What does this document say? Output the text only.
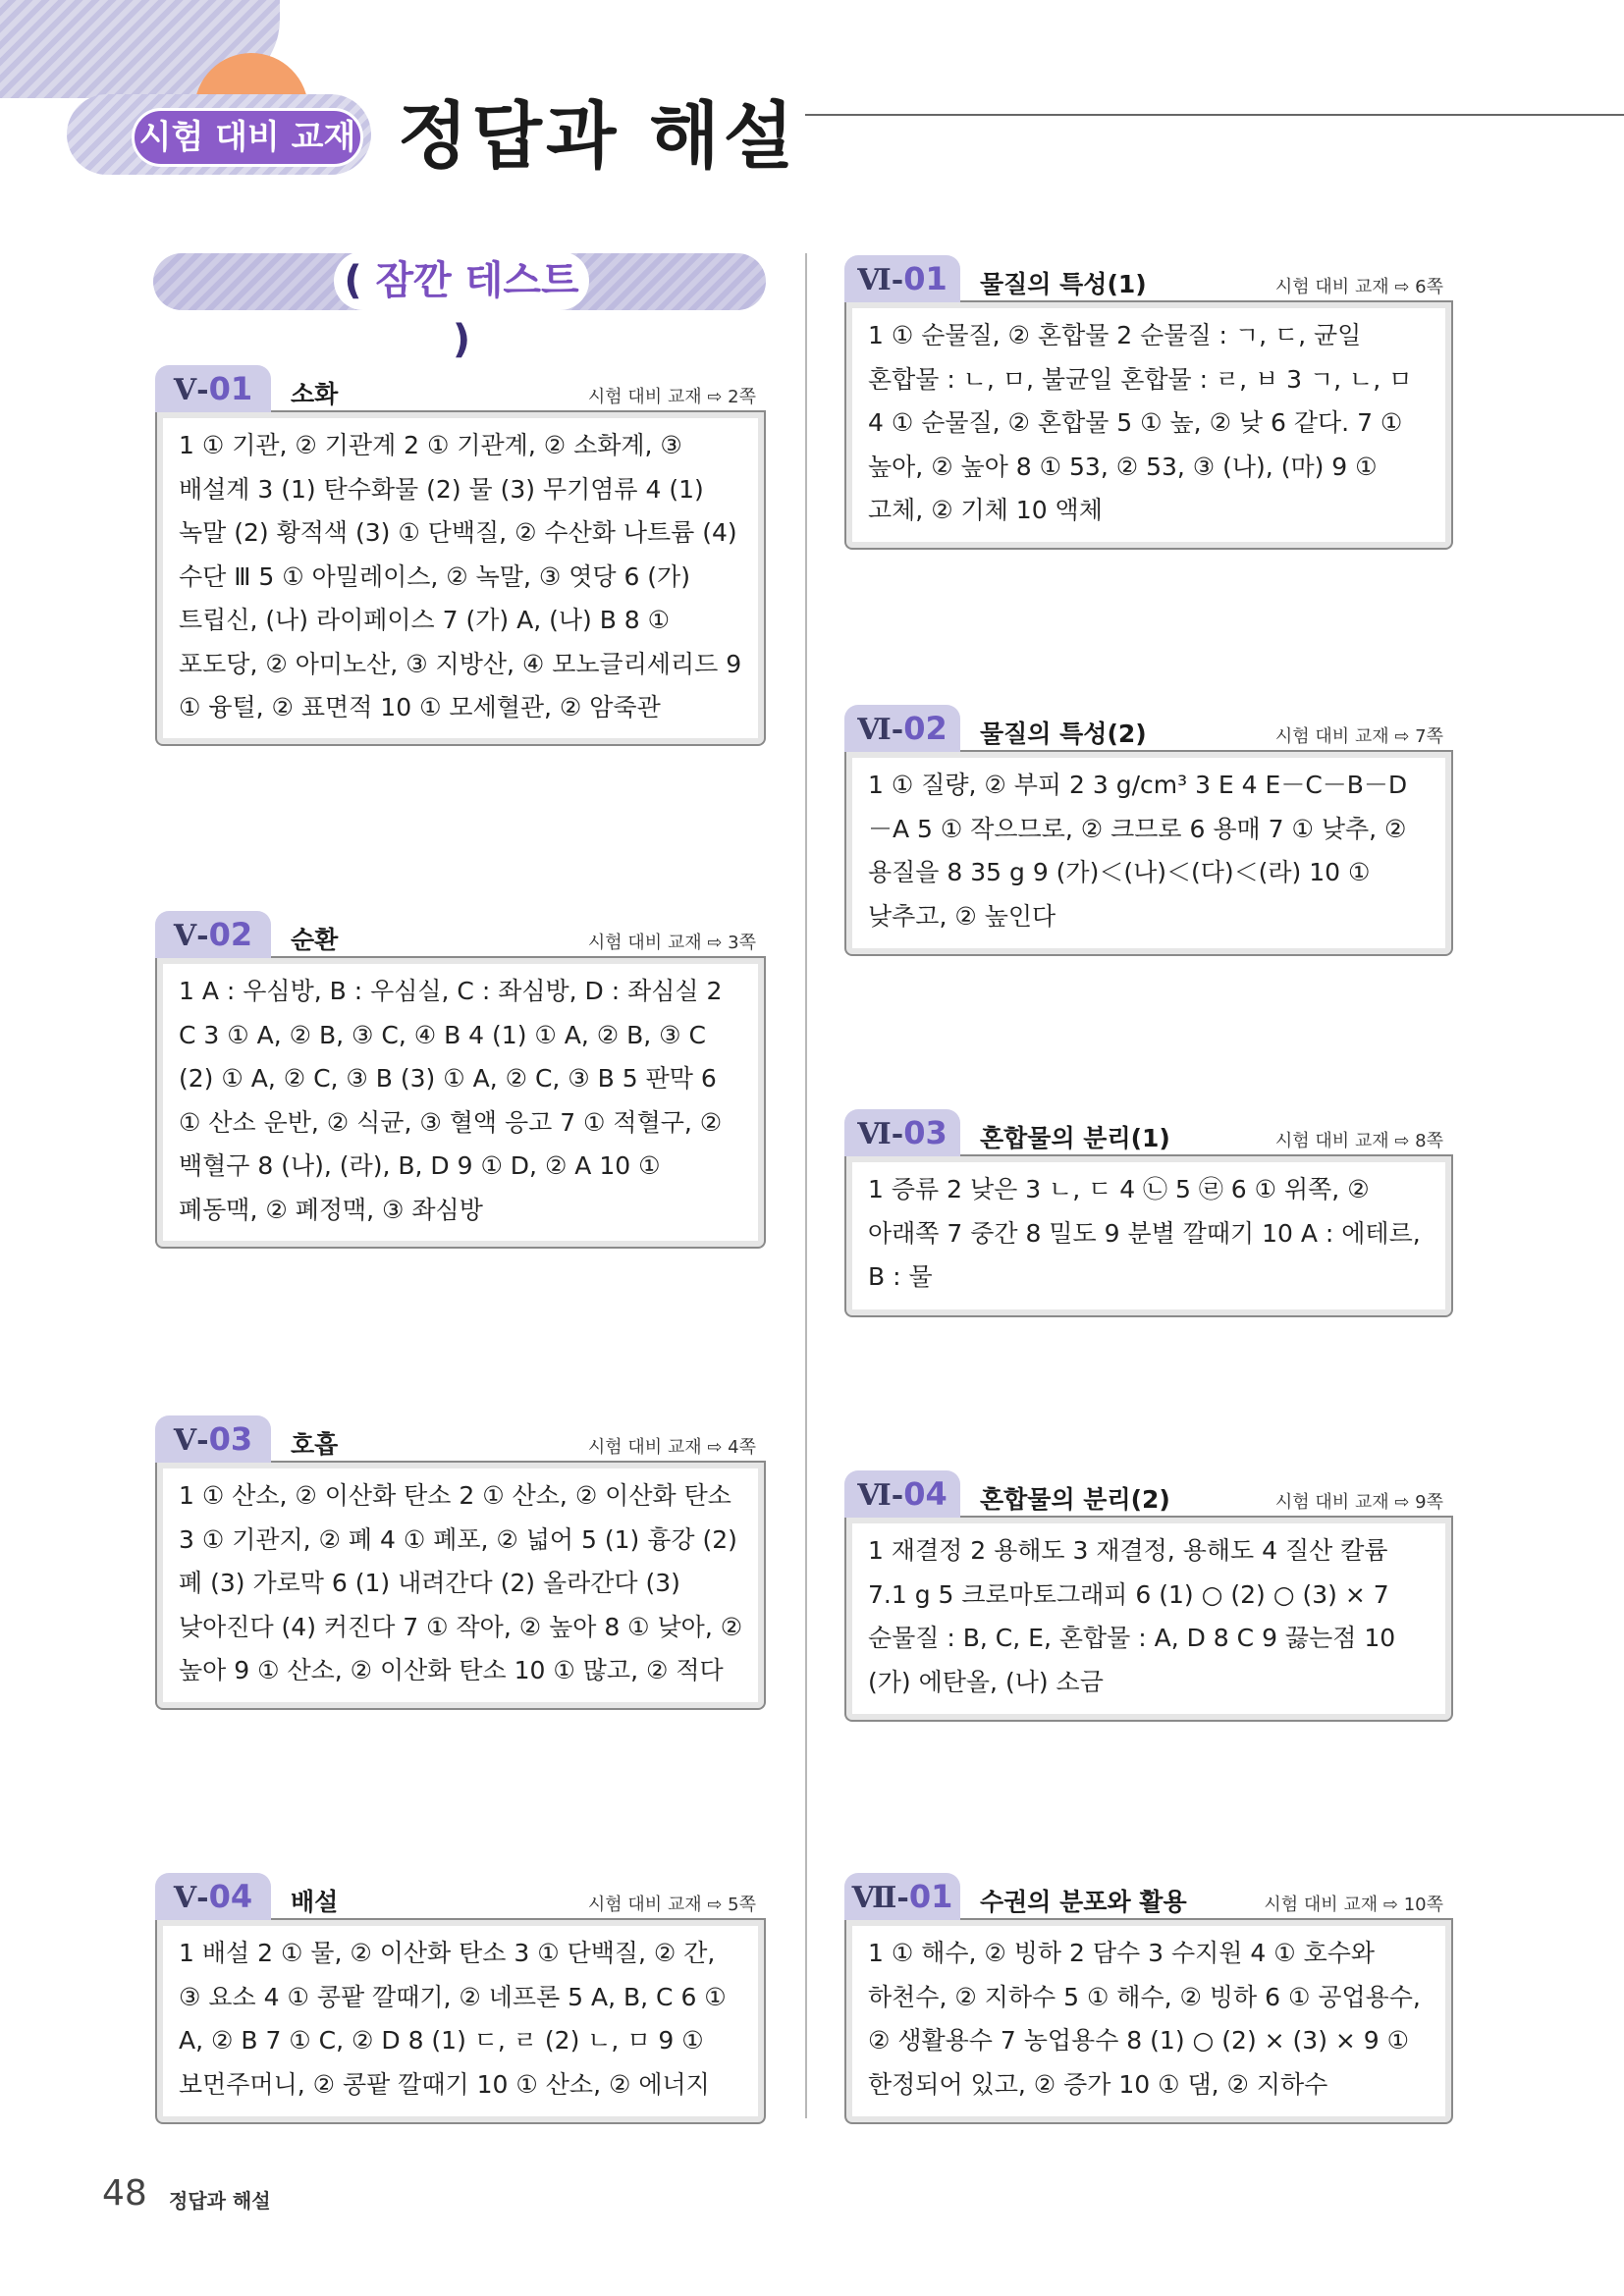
시험 대비 교재 정답과 해설
( 잠깐 테스트 )
Ⅴ-01	소화	시험 대비 교재 ⇨ 2쪽
1 ① 기관, ② 기관계 2 ① 기관계, ② 소화계, ③ 배설계 3 (1) 탄수화물 (2) 물 (3) 무기염류 4 (1) 녹말 (2) 황적색 (3) ① 단백질, ② 수산화 나트륨 (4) 수단 Ⅲ 5 ① 아밀레이스, ② 녹말, ③ 엿당 6 (가) 트립신, (나) 라이페이스 7 (가) A, (나) B 8 ① 포도당, ② 아미노산, ③ 지방산, ④ 모노글리세리드 9 ① 융털, ② 표면적 10 ① 모세혈관, ② 암죽관
Ⅴ-02	순환	시험 대비 교재 ⇨ 3쪽
1 A : 우심방, B : 우심실, C : 좌심방, D : 좌심실 2 C 3 ① A, ② B, ③ C, ④ B 4 (1) ① A, ② B, ③ C (2) ① A, ② C, ③ B (3) ① A, ② C, ③ B 5 판막 6 ① 산소 운반, ② 식균, ③ 혈액 응고 7 ① 적혈구, ② 백혈구 8 (나), (라), B, D 9 ① D, ② A 10 ① 폐동맥, ② 폐정맥, ③ 좌심방
Ⅴ-03	호흡	시험 대비 교재 ⇨ 4쪽
1 ① 산소, ② 이산화 탄소 2 ① 산소, ② 이산화 탄소 3 ① 기관지, ② 폐 4 ① 폐포, ② 넓어 5 (1) 흉강 (2) 폐 (3) 가로막 6 (1) 내려간다 (2) 올라간다 (3) 낮아진다 (4) 커진다 7 ① 작아, ② 높아 8 ① 낮아, ② 높아 9 ① 산소, ② 이산화 탄소 10 ① 많고, ② 적다
Ⅴ-04	배설	시험 대비 교재 ⇨ 5쪽
1 배설 2 ① 물, ② 이산화 탄소 3 ① 단백질, ② 간, ③ 요소 4 ① 콩팥 깔때기, ② 네프론 5 A, B, C 6 ① A, ② B 7 ① C, ② D 8 (1) ㄷ, ㄹ (2) ㄴ, ㅁ 9 ① 보먼주머니, ② 콩팥 깔때기 10 ① 산소, ② 에너지
Ⅵ-01	물질의 특성(1)	시험 대비 교재 ⇨ 6쪽
1 ① 순물질, ② 혼합물 2 순물질 : ㄱ, ㄷ, 균일 혼합물 : ㄴ, ㅁ, 불균일 혼합물 : ㄹ, ㅂ 3 ㄱ, ㄴ, ㅁ 4 ① 순물질, ② 혼합물 5 ① 높, ② 낮 6 같다. 7 ① 높아, ② 높아 8 ① 53, ② 53, ③ (나), (마) 9 ① 고체, ② 기체 10 액체
Ⅵ-02	물질의 특성(2)	시험 대비 교재 ⇨ 7쪽
1 ① 질량, ② 부피 2 3 g/cm³ 3 E 4 E－C－B－D－A 5 ① 작으므로, ② 크므로 6 용매 7 ① 낮추, ② 용질을 8 35 g 9 (가)＜(나)＜(다)＜(라) 10 ① 낮추고, ② 높인다
Ⅵ-03	혼합물의 분리(1)	시험 대비 교재 ⇨ 8쪽
1 증류 2 낮은 3 ㄴ, ㄷ 4 ㉡ 5 ㉣ 6 ① 위쪽, ② 아래쪽 7 중간 8 밀도 9 분별 깔때기 10 A : 에테르, B : 물
Ⅵ-04	혼합물의 분리(2)	시험 대비 교재 ⇨ 9쪽
1 재결정 2 용해도 3 재결정, 용해도 4 질산 칼륨 7.1 g 5 크로마토그래피 6 (1) ○ (2) ○ (3) × 7 순물질 : B, C, E, 혼합물 : A, D 8 C 9 끓는점 10 (가) 에탄올, (나) 소금
Ⅶ-01	수권의 분포와 활용	시험 대비 교재 ⇨ 10쪽
1 ① 해수, ② 빙하 2 담수 3 수지원 4 ① 호수와 하천수, ② 지하수 5 ① 해수, ② 빙하 6 ① 공업용수, ② 생활용수 7 농업용수 8 (1) ○ (2) × (3) × 9 ① 한정되어 있고, ② 증가 10 ① 댐, ② 지하수
48 정답과 해설
